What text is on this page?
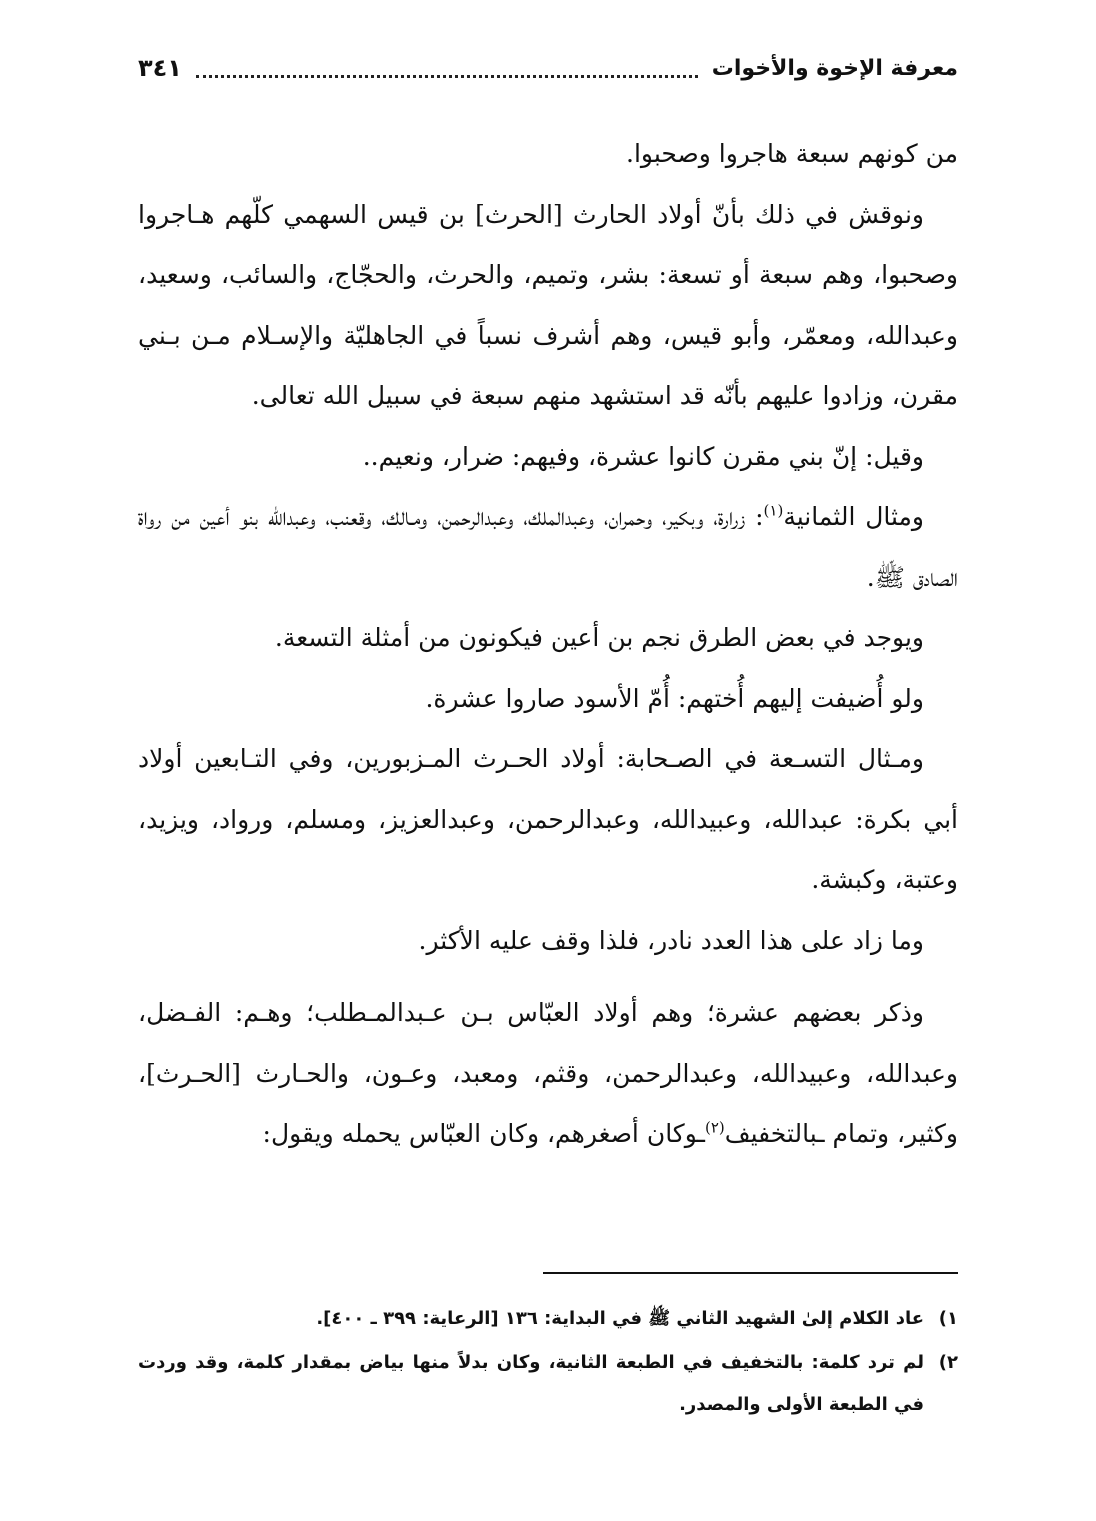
معرفة الإخوة والأخوات
٣٤١

من كونهم سبعة هاجروا وصحبوا.

ونوقش في ذلك بأنّ أولاد الحارث [الحرث] بن قيس السهمي كلّهم هـاجروا وصحبوا، وهم سبعة أو تسعة: بشر، وتميم، والحرث، والحجّاج، والسائب، وسعيد، وعبدالله، ومعمّر، وأبو قيس، وهم أشرف نسباً في الجاهليّة والإسـلام مـن بـني مقرن، وزادوا عليهم بأنّه قد استشهد منهم سبعة في سبيل الله تعالى.

وقيل: إنّ بني مقرن كانوا عشرة، وفيهم: ضرار، ونعيم..

ومثال الثمانية$^{(١)}$: زرارة، وبكير، وحمران، وعبدالملك، وعبدالرحمن، ومـالك، وقعنب، وعبدالله بنو أعين من رواة الصادق ﷺ.

ويوجد في بعض الطرق نجم بن أعين فيكونون من أمثلة التسعة.

ولو أُضيفت إليهم أُختهم: أُمّ الأسود صاروا عشرة.

ومـثال التسـعة في الصـحابة: أولاد الحـرث المـزبورين، وفي التـابعين أولاد أبي بكرة: عبدالله، وعبيدالله، وعبدالرحمن، وعبدالعزيز، ومسلم، ورواد، ويزيد، وعتبة، وكبشة.

وما زاد على هذا العدد نادر، فلذا وقف عليه الأكثر.

وذكر بعضهم عشرة؛ وهم أولاد العبّاس بـن عـبدالمـطلب؛ وهـم: الفـضل، وعبدالله، وعبيدالله، وعبدالرحمن، وقثم، ومعبد، وعـون، والحـارث [الحـرث]، وكثير، وتمام ـبالتخفيف$^{(٢)}$ـوكان أصغرهم، وكان العبّاس يحمله ويقول:

١)
عاد الكلام إلىٰ الشهيد الثاني ﷺ في البداية: ١٣٦ [الرعاية: ٣٩٩ ـ ٤٠٠].
٢)
لم ترد كلمة: بالتخفيف في الطبعة الثانية، وكان بدلاً منها بياض بمقدار كلمة، وقد وردت في الطبعة الأولى والمصدر.
